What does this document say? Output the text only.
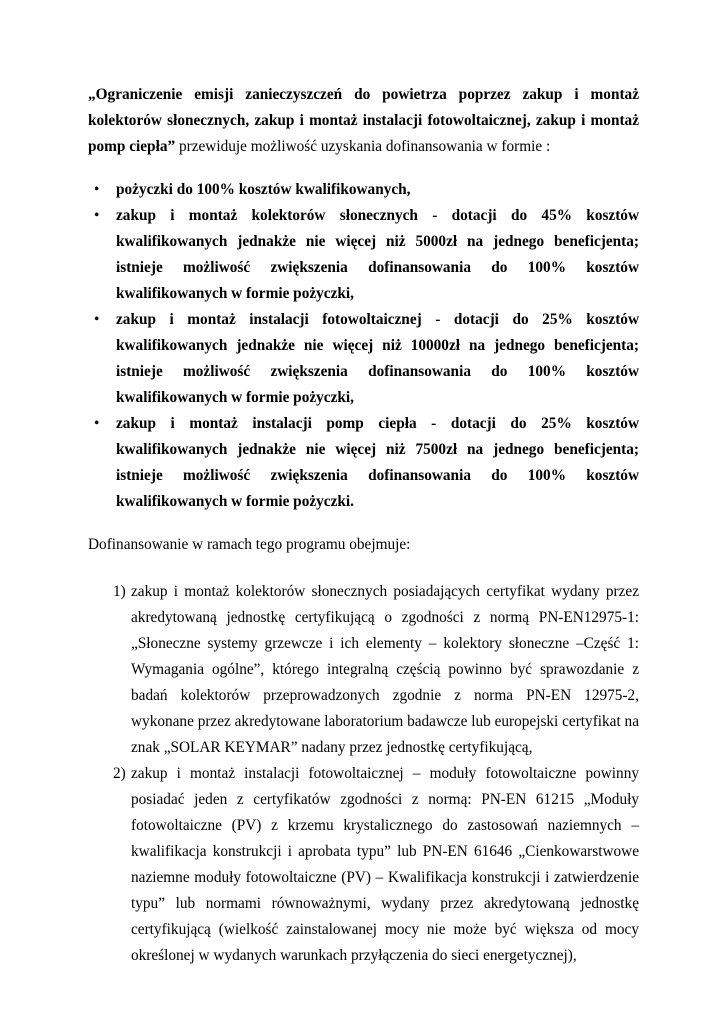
„Ograniczenie emisji zanieczyszczeń do powietrza poprzez zakup i montaż kolektorów słonecznych, zakup i montaż instalacji fotowoltaicznej, zakup i montaż pomp ciepła” przewiduje możliwość uzyskania dofinansowania w formie :

• pożyczki do 100% kosztów kwalifikowanych,
• zakup i montaż kolektorów słonecznych - dotacji do 45% kosztów kwalifikowanych jednakże nie więcej niż 5000zł na jednego beneficjenta; istnieje możliwość zwiększenia dofinansowania do 100% kosztów kwalifikowanych w formie pożyczki,
• zakup i montaż instalacji fotowoltaicznej - dotacji do 25% kosztów kwalifikowanych jednakże nie więcej niż 10000zł na jednego beneficjenta; istnieje możliwość zwiększenia dofinansowania do 100% kosztów kwalifikowanych w formie pożyczki,
• zakup i montaż instalacji pomp ciepła - dotacji do 25% kosztów kwalifikowanych jednakże nie więcej niż 7500zł na jednego beneficjenta; istnieje możliwość zwiększenia dofinansowania do 100% kosztów kwalifikowanych w formie pożyczki.

Dofinansowanie w ramach tego programu obejmuje:

1) zakup i montaż kolektorów słonecznych posiadających certyfikat wydany przez akredytowaną jednostkę certyfikującą o zgodności z normą PN-EN12975-1: „Słoneczne systemy grzewcze i ich elementy – kolektory słoneczne –Część 1: Wymagania ogólne”, którego integralną częścią powinno być sprawozdanie z badań kolektorów przeprowadzonych zgodnie z norma PN-EN 12975-2, wykonane przez akredytowane laboratorium badawcze lub europejski certyfikat na znak „SOLAR KEYMAR” nadany przez jednostkę certyfikującą,
2) zakup i montaż instalacji fotowoltaicznej – moduły fotowoltaiczne powinny posiadać jeden z certyfikatów zgodności z normą: PN-EN 61215 „Moduły fotowoltaiczne (PV) z krzemu krystalicznego do zastosowań naziemnych – kwalifikacja konstrukcji i aprobata typu” lub PN-EN 61646 „Cienkowarstwowe naziemne moduły fotowoltaiczne (PV) – Kwalifikacja konstrukcji i zatwierdzenie typu” lub normami równoważnymi, wydany przez akredytowaną jednostkę certyfikującą (wielkość zainstalowanej mocy nie może być większa od mocy określonej w wydanych warunkach przyłączenia do sieci energetycznej),
